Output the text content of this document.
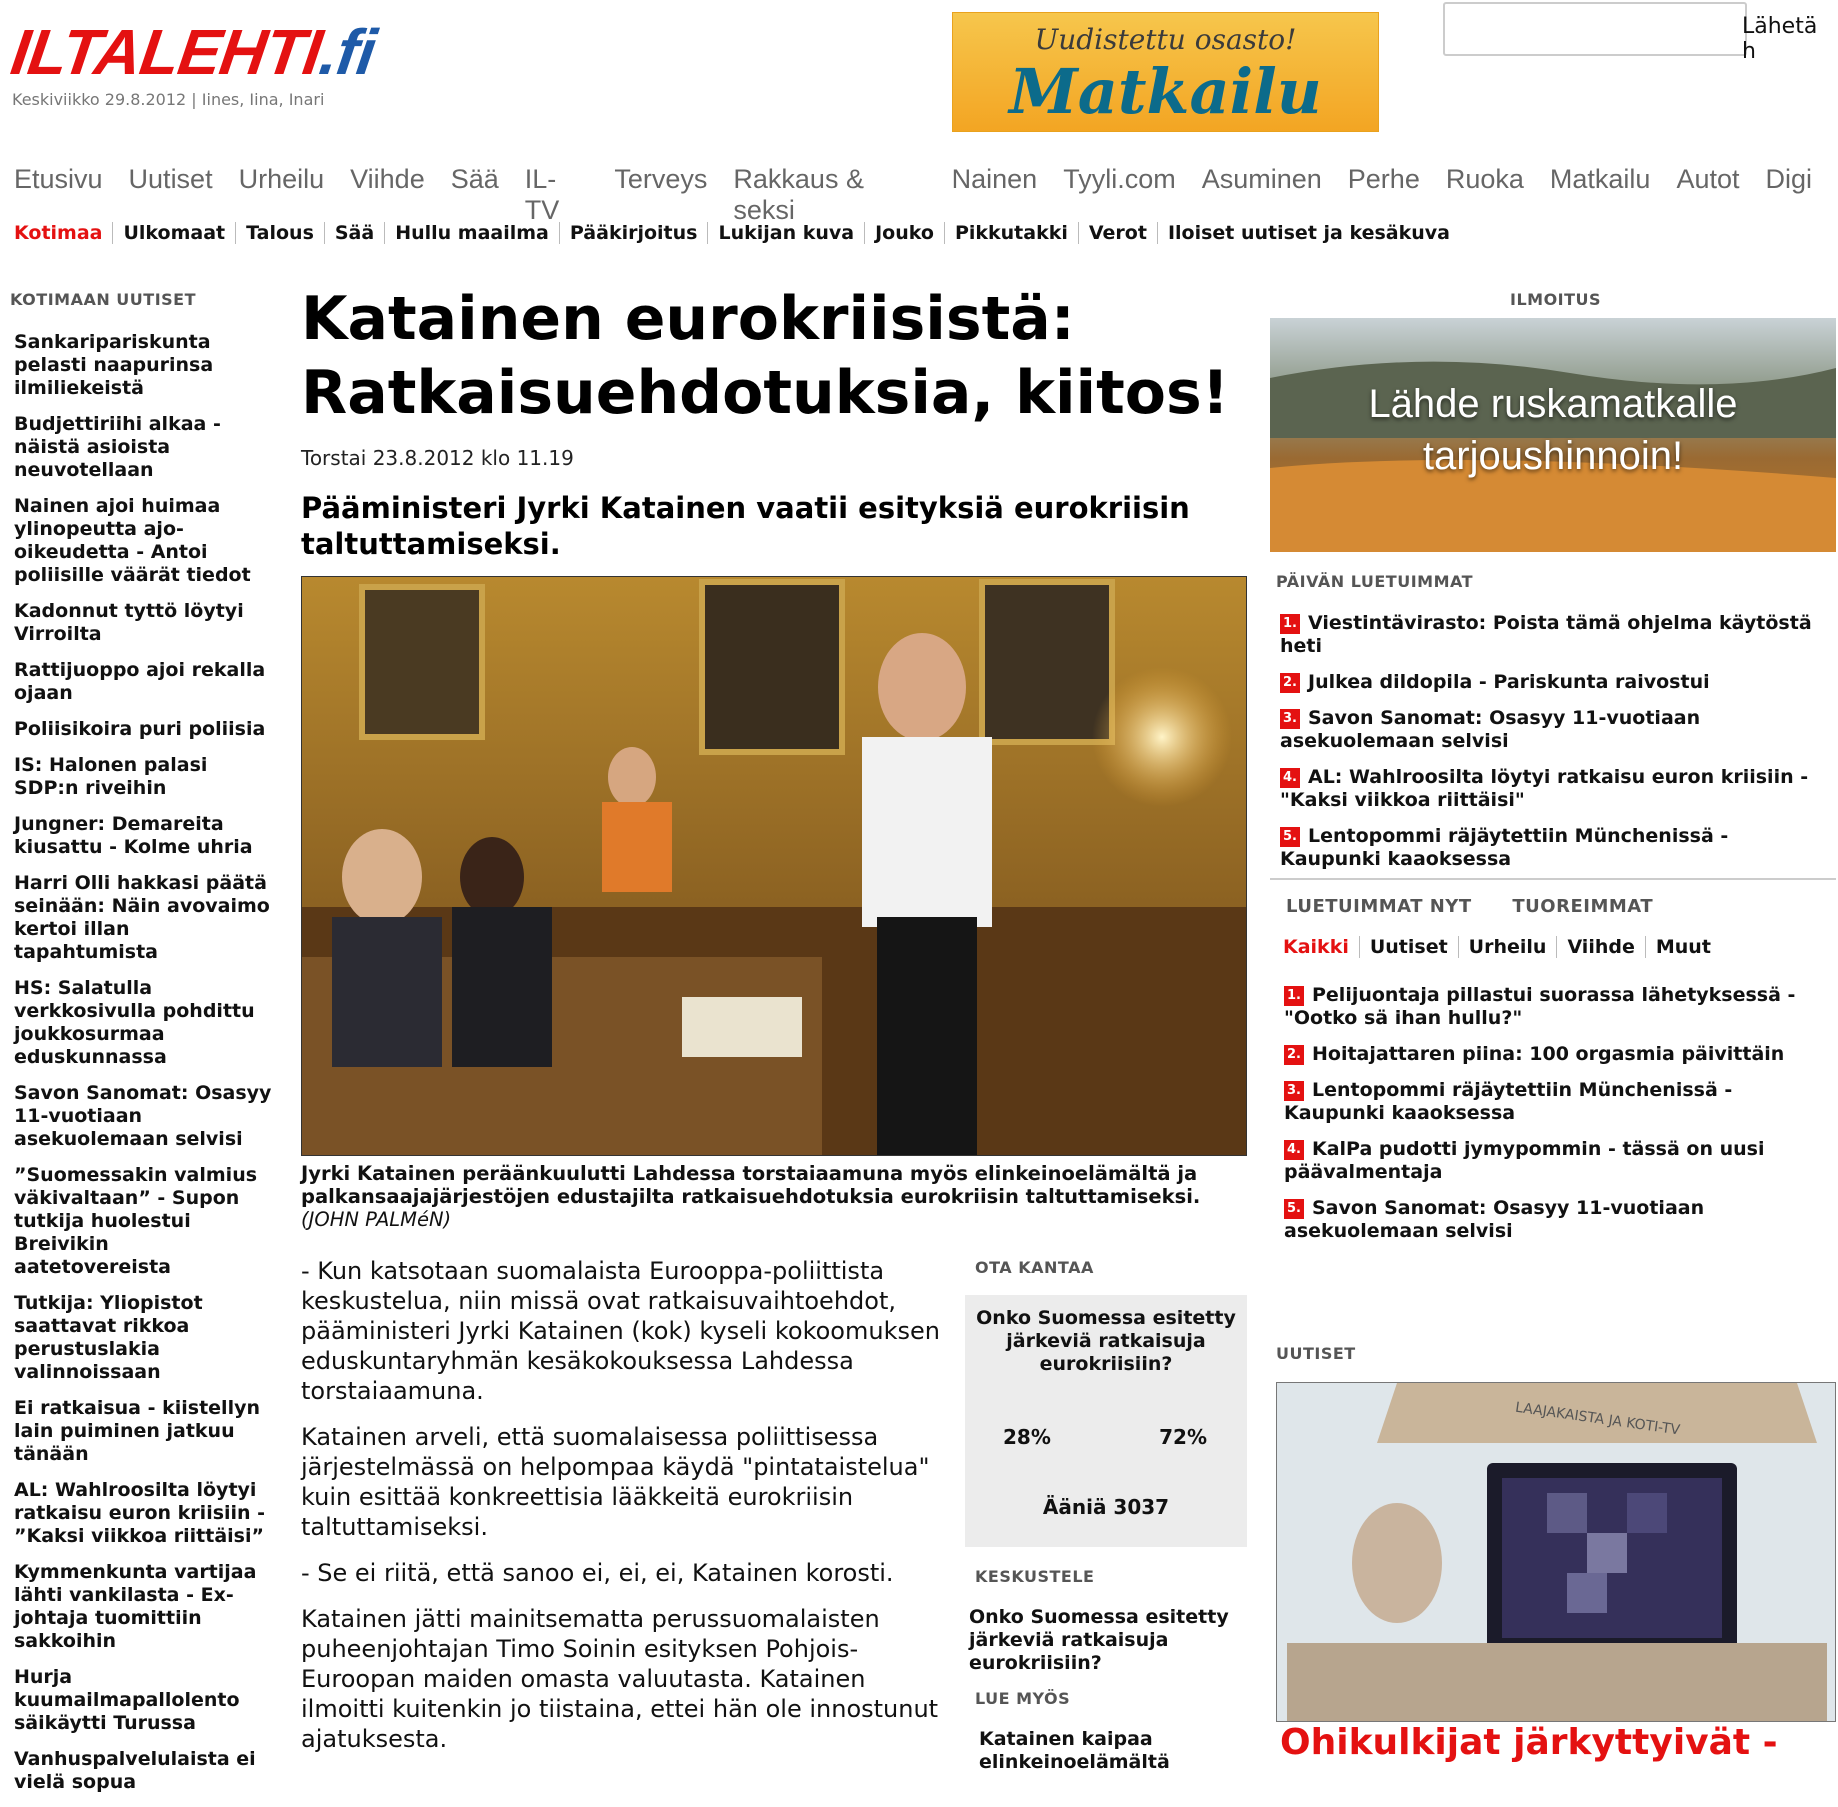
ILTALEHTI.fi
Keskiviikko 29.8.2012 | Iines, Iina, Inari
Uudistettu osasto!
Matkailu
Lähetä h
Etusivu Uutiset Urheilu Viihde Sää IL-TV
Terveys Rakkaus & seksi
Nainen Tyyli.com Asuminen Perhe Ruoka Matkailu Autot Digi
Kotimaa	Ulkomaat	Talous	Sää	Hullu maailma	Pääkirjoitus	Lukijan kuva	Jouko	Pikkutakki	Verot	Iloiset uutiset ja kesäkuva
KOTIMAAN UUTISET
Sankaripariskunta pelasti naapurinsa ilmiliekeistä
Budjettiriihi alkaa - näistä asioista neuvotellaan
Nainen ajoi huimaa ylinopeutta ajo-oikeudetta - Antoi poliisille väärät tiedot
Kadonnut tyttö löytyi Virroilta
Rattijuoppo ajoi rekalla ojaan
Poliisikoira puri poliisia
IS: Halonen palasi SDP:n riveihin
Jungner: Demareita kiusattu - Kolme uhria
Harri Olli hakkasi päätä seinään: Näin avovaimo kertoi illan tapahtumista
HS: Salatulla verkkosivulla pohdittu joukkosurmaa eduskunnassa
Savon Sanomat: Osasyy 11-vuotiaan asekuolemaan selvisi
”Suomessakin valmius väkivaltaan” - Supon tutkija huolestui Breivikin aatetovereista
Tutkija: Yliopistot saattavat rikkoa perustuslakia valinnoissaan
Ei ratkaisua - kiistellyn lain puiminen jatkuu tänään
AL: Wahlroosilta löytyi ratkaisu euron kriisiin - ”Kaksi viikkoa riittäisi”
Kymmenkunta vartijaa lähti vankilasta - Ex-johtaja tuomittiin sakkoihin
Hurja kuumailmapallolento säikäytti Turussa
Vanhuspalvelulaista ei vielä sopua
Katainen eurokriisistä: Ratkaisuehdotuksia, kiitos!
Torstai 23.8.2012 klo 11.19
Pääministeri Jyrki Katainen vaatii esityksiä eurokriisin taltuttamiseksi.
Jyrki Katainen peräänkuulutti Lahdessa torstaiaamuna myös elinkeinoelämältä ja palkansaajajärjestöjen edustajilta ratkaisuehdotuksia eurokriisin taltuttamiseksi. (JOHN PALMéN)

- Kun katsotaan suomalaista Eurooppa-poliittista keskustelua, niin missä ovat ratkaisuvaihtoehdot, pääministeri Jyrki Katainen (kok) kyseli kokoomuksen eduskuntaryhmän kesäkokouksessa Lahdessa torstaiaamuna.

Katainen arveli, että suomalaisessa poliittisessa järjestelmässä on helpompaa käydä "pintataistelua" kuin esittää konkreettisia lääkkeitä eurokriisin taltuttamiseksi.

- Se ei riitä, että sanoo ei, ei, ei, Katainen korosti.

Katainen jätti mainitsematta perussuomalaisten puheenjohtajan Timo Soinin esityksen Pohjois-Euroopan maiden omasta valuutasta. Katainen ilmoitti kuitenkin jo tiistaina, ettei hän ole innostunut ajatuksesta.

OTA KANTAA
Onko Suomessa esitetty järkeviä ratkaisuja eurokriisiin?
28%	72%
Ääniä 3037
KESKUSTELE
Onko Suomessa esitetty järkeviä ratkaisuja eurokriisiin?
LUE MYÖS
Katainen kaipaa elinkeinoelämältä
ILMOITUS
Lähde ruskamatkalle
tarjoushinnoin!
PÄIVÄN LUETUIMMAT
1. Viestintävirasto: Poista tämä ohjelma käytöstä heti
2. Julkea dildopila - Pariskunta raivostui
3. Savon Sanomat: Osasyy 11-vuotiaan asekuolemaan selvisi
4. AL: Wahlroosilta löytyi ratkaisu euron kriisiin - "Kaksi viikkoa riittäisi"
5. Lentopommi räjäytettiin Münchenissä - Kaupunki kaaoksessa
LUETUIMMAT NYT TUOREIMMAT
Kaikki	Uutiset	Urheilu	Viihde	Muut
1. Pelijuontaja pillastui suorassa lähetyksessä - "Ootko sä ihan hullu?"
2. Hoitajattaren piina: 100 orgasmia päivittäin
3. Lentopommi räjäytettiin Münchenissä - Kaupunki kaaoksessa
4. KalPa pudotti jymypommin - tässä on uusi päävalmentaja
5. Savon Sanomat: Osasyy 11-vuotiaan asekuolemaan selvisi
UUTISET
LAAJAKAISTA JA KOTI-TV
Ohikulkijat järkyttyivät -
